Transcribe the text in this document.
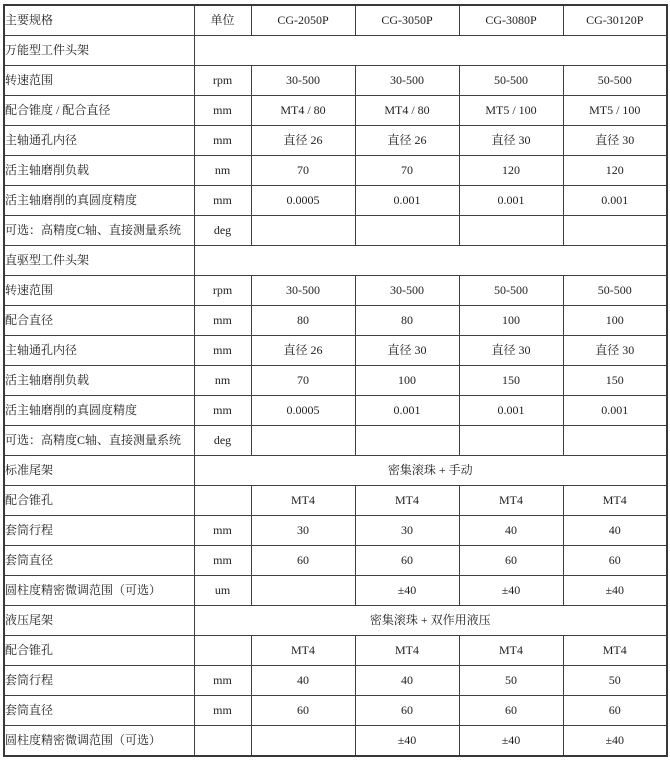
主要规格	单位	CG-2050P	CG-3050P	CG-3080P	CG-30120P
万能型工件头架					
转速范围	rpm	30-500	30-500	50-500	50-500
配合锥度 / 配合直径	mm	MT4 / 80	MT4 / 80	MT5 / 100	MT5 / 100
主轴通孔内径	mm	直径 26	直径 26	直径 30	直径 30
活主轴磨削负载	nm	70	70	120	120
活主轴磨削的真圆度精度	mm	0.0005	0.001	0.001	0.001
可选：高精度C轴、直接测量系统	deg				
直驱型工件头架					
转速范围	rpm	30-500	30-500	50-500	50-500
配合直径	mm	80	80	100	100
主轴通孔内径	mm	直径 26	直径 30	直径 30	直径 30
活主轴磨削负载	nm	70	100	150	150
活主轴磨削的真圆度精度	mm	0.0005	0.001	0.001	0.001
可选：高精度C轴、直接测量系统	deg				
标准尾架	密集滚珠 + 手动				
配合锥孔		MT4	MT4	MT4	MT4
套筒行程	mm	30	30	40	40
套筒直径	mm	60	60	60	60
圆柱度精密微调范围（可选）	um		±40	±40	±40
液压尾架	密集滚珠 + 双作用液压				
配合锥孔		MT4	MT4	MT4	MT4
套筒行程	mm	40	40	50	50
套筒直径	mm	60	60	60	60
圆柱度精密微调范围（可选）			±40	±40	±40
